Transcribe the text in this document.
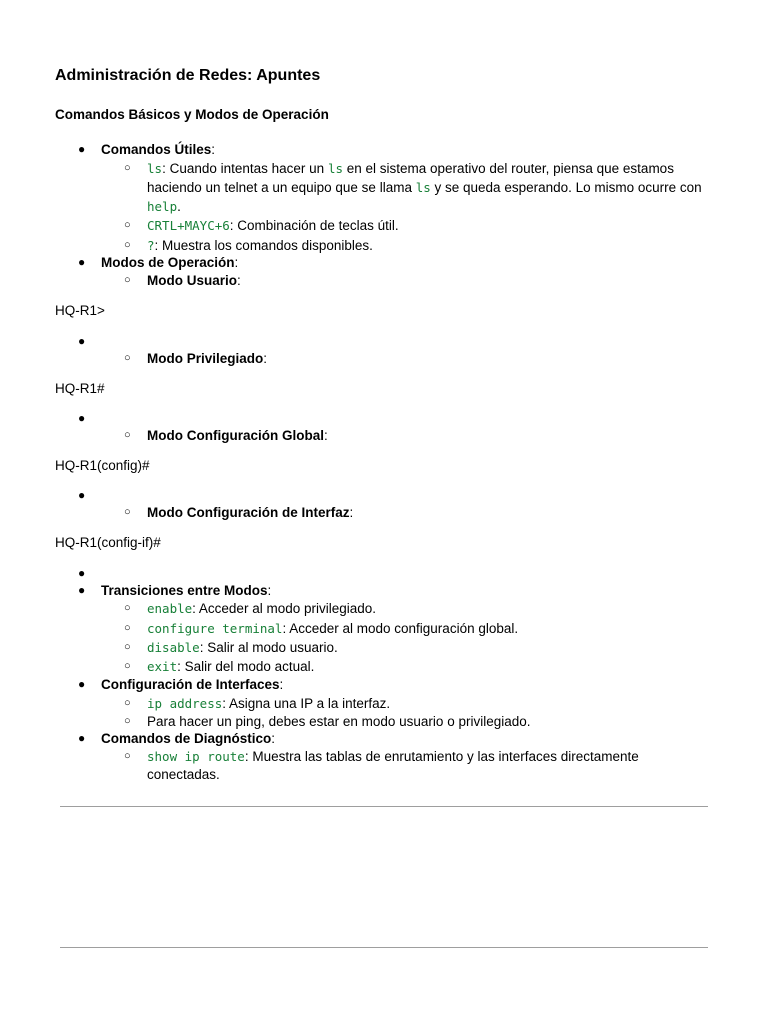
Administración de Redes: Apuntes
Comandos Básicos y Modos de Operación
● Comandos Útiles:
○ ls: Cuando intentas hacer un ls en el sistema operativo del router, piensa que estamos
haciendo un telnet a un equipo que se llama ls y se queda esperando. Lo mismo ocurre con
help.
○ CRTL+MAYC+6: Combinación de teclas útil.
○ ?: Muestra los comandos disponibles.
● Modos de Operación:
○ Modo Usuario:
HQ-R1>
●
○ Modo Privilegiado:
HQ-R1#
●
○ Modo Configuración Global:
HQ-R1(config)#
●
○ Modo Configuración de Interfaz:
HQ-R1(config-if)#
●
● Transiciones entre Modos:
○ enable: Acceder al modo privilegiado.
○ configure terminal: Acceder al modo configuración global.
○ disable: Salir al modo usuario.
○ exit: Salir del modo actual.
● Configuración de Interfaces:
○ ip address: Asigna una IP a la interfaz.
○ Para hacer un ping, debes estar en modo usuario o privilegiado.
● Comandos de Diagnóstico:
○ show ip route: Muestra las tablas de enrutamiento y las interfaces directamente
conectadas.
